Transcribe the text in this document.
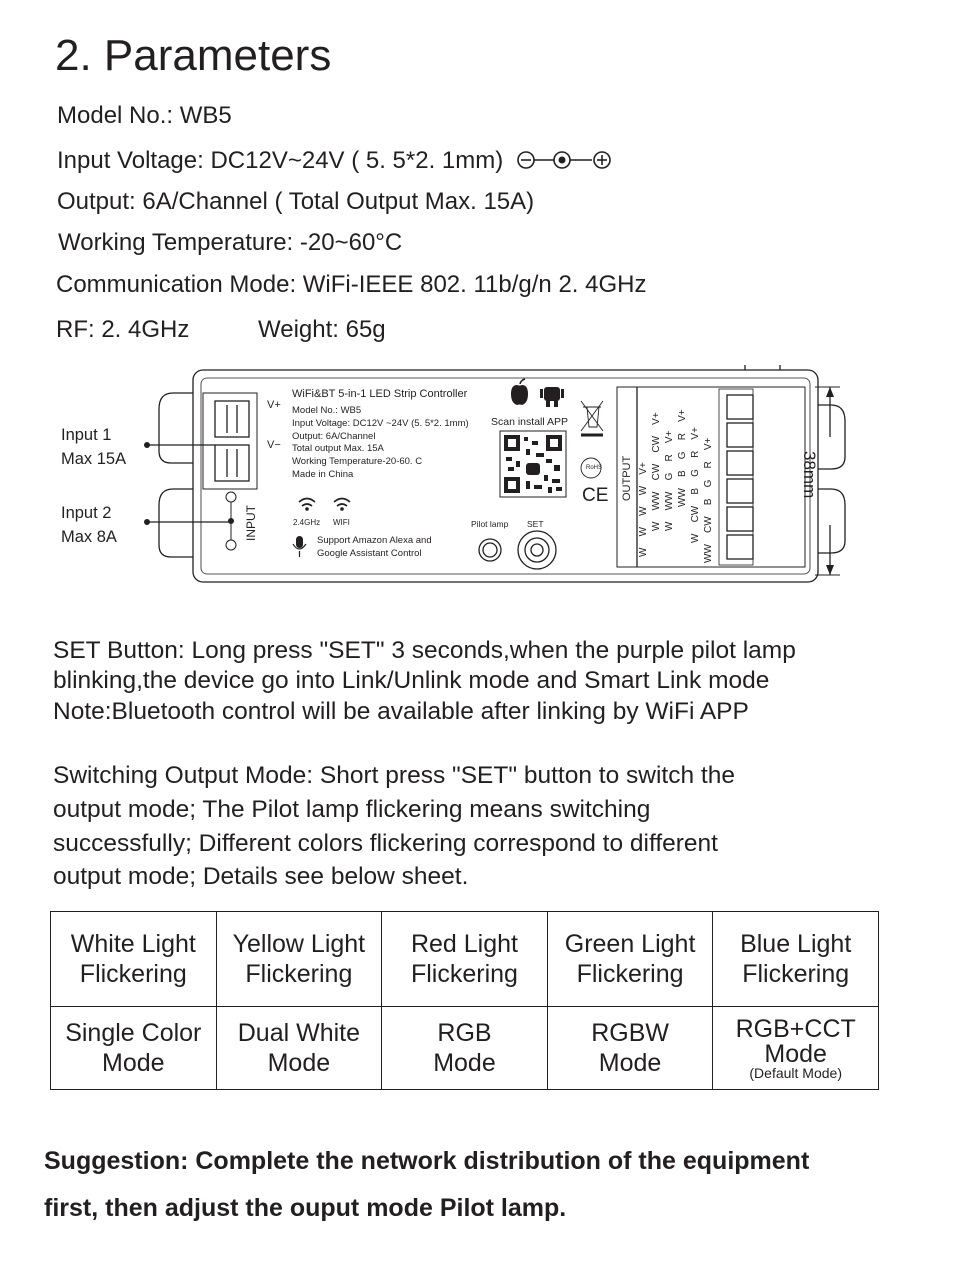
2. Parameters
Model No.: WB5
Input Voltage: DC12V~24V ( 5. 5*2. 1mm)
Output: 6A/Channel ( Total Output Max. 15A)
Working Temperature: -20~60°C
Communication Mode: WiFi-IEEE 802. 11b/g/n 2. 4GHz
RF: 2. 4GHz	Weight: 65g
Input 1
Max 15A
Input 2
Max 8A
V+
V−
WiFi&BT 5-in-1 LED Strip Controller
Model No.: WB5
Input Voltage: DC12V ~24V (5. 5*2. 1mm)
Output: 6A/Channel
Total output Max. 15A
Working Temperature-20-60. C
Made in China
Scan install APP
INPUT	2.4GHz WIFI
Support Amazon Alexa and
Google Assistant Control
Pilot lamp SET
RoHS
CE OUTPUT
W    W    W    W    V+
W    WW    CW    CW    V+
W    WW    G    R    V+
WW    B    G    R    V+
W    CW    B    G    R    V+
WW    CW    B    G    R    V+
38mm
SET Button: Long press "SET" 3 seconds,when the purple pilot lamp
blinking,the device go into Link/Unlink mode and Smart Link mode
Note:Bluetooth control will be available after linking by WiFi APP
Switching Output Mode: Short press "SET" button to switch the
output mode; The Pilot lamp flickering means switching
successfully; Different colors flickering correspond to different
output mode; Details see below sheet.
White Light
Flickering	Yellow Light
Flickering	Red Light
Flickering	Green Light
Flickering	Blue Light
Flickering

Single Color
Mode	Dual White
Mode	RGB
Mode	RGBW
Mode	RGB+CCT
Mode
(Default Mode)
Suggestion: Complete the network distribution of the equipment
first, then adjust the ouput mode Pilot lamp.
